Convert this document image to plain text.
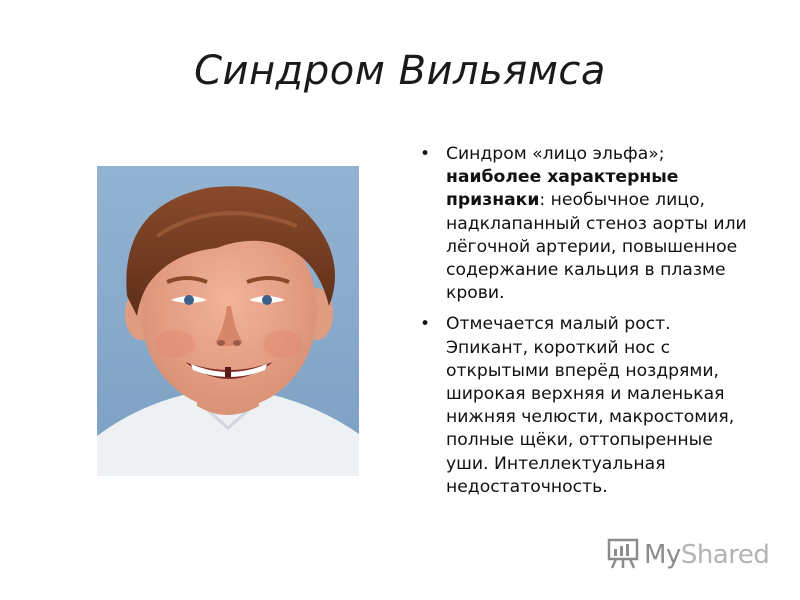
Синдром Вильямса
• Синдром «лицо эльфа»; наиболее характерные признаки: необычное лицо, надклапанный стеноз аорты или лёгочной артерии, повышенное содержание кальция в плазме крови.
• Отмечается малый рост. Эпикант, короткий нос с открытыми вперёд ноздрями, широкая верхняя и маленькая нижняя челюсти, макростомия, полные щёки, оттопыренные уши. Интеллектуальная недостаточность.
MyShared
